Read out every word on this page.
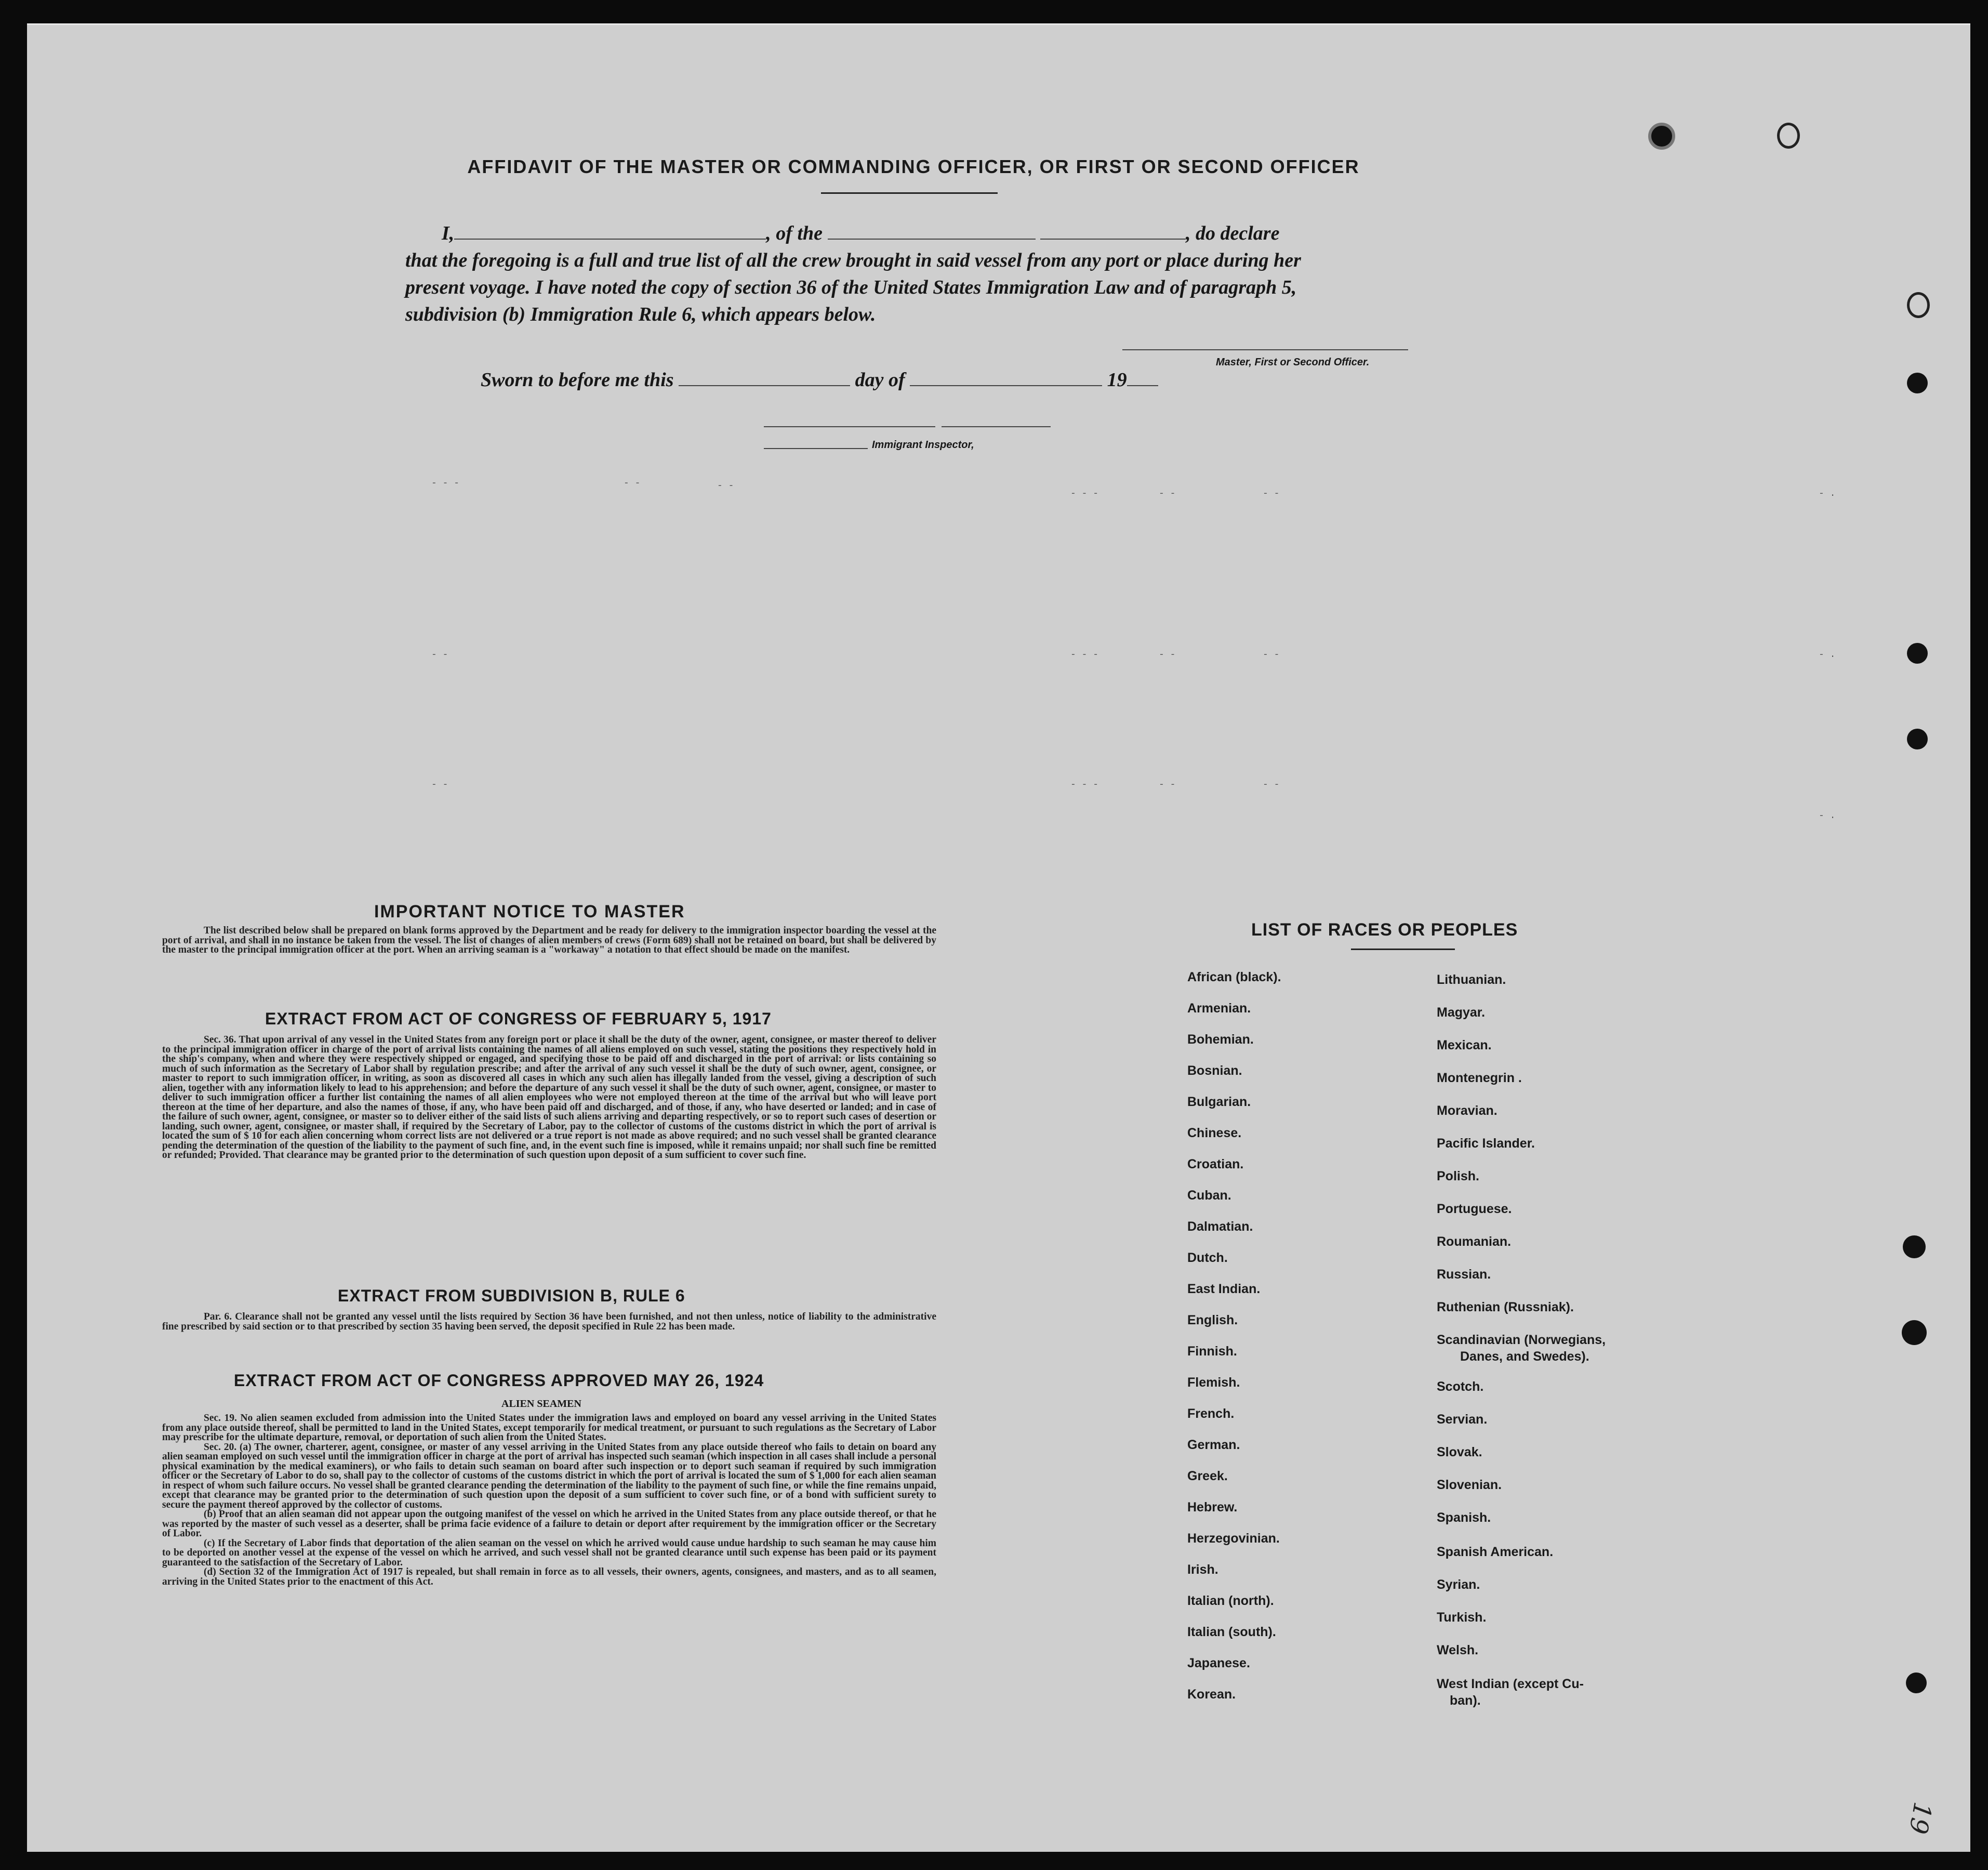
AFFIDAVIT OF THE MASTER OR COMMANDING OFFICER, OR FIRST OR SECOND OFFICER
I,	, of the	, do declare
that the foregoing is a full and true list of all the crew brought in said vessel from any port or place during her
present voyage. I have noted the copy of section 36 of the United States Immigration Law and of paragraph 5,
subdivision (b) Immigration Rule 6, which appears below.
Master, First or Second Officer.
Sworn to before me this	day of	19
Immigrant Inspector,
- - -	- -	- -
- - -	- -	- -
- -	- - -	- -	- -
- -	- - -	- -	- -
- .
- .
- .
IMPORTANT NOTICE TO MASTER
The list described below shall be prepared on blank forms approved by the Department and be ready for delivery to the immigration inspector boarding the vessel at the port of arrival, and shall in no instance be taken from the vessel. The list of changes of alien members of crews (Form 689) shall not be retained on board, but shall be delivered by the master to the principal immigration officer at the port. When an arriving seaman is a "workaway" a notation to that effect should be made on the manifest.
EXTRACT FROM ACT OF CONGRESS OF FEBRUARY 5, 1917
Sec. 36. That upon arrival of any vessel in the United States from any foreign port or place it shall be the duty of the owner, agent, consignee, or master thereof to deliver to the principal immigration officer in charge of the port of arrival lists containing the names of all aliens employed on such vessel, stating the positions they respectively hold in the ship's company, when and where they were respectively shipped or engaged, and specifying those to be paid off and discharged in the port of arrival: or lists containing so much of such information as the Secretary of Labor shall by regulation prescribe; and after the arrival of any such vessel it shall be the duty of such owner, agent, consignee, or master to report to such immigration officer, in writing, as soon as discovered all cases in which any such alien has illegally landed from the vessel, giving a description of such alien, together with any information likely to lead to his apprehension; and before the departure of any such vessel it shall be the duty of such owner, agent, consignee, or master to deliver to such immigration officer a further list containing the names of all alien employees who were not employed thereon at the time of the arrival but who will leave port thereon at the time of her departure, and also the names of those, if any, who have been paid off and discharged, and of those, if any, who have deserted or landed; and in case of the failure of such owner, agent, consignee, or master so to deliver either of the said lists of such aliens arriving and departing respectively, or so to report such cases of desertion or landing, such owner, agent, consignee, or master shall, if required by the Secretary of Labor, pay to the collector of customs of the customs district in which the port of arrival is located the sum of $ 10 for each alien concerning whom correct lists are not delivered or a true report is not made as above required; and no such vessel shall be granted clearance pending the determination of the question of the liability to the payment of such fine, and, in the event such fine is imposed, while it remains unpaid; nor shall such fine be remitted or refunded; Provided. That clearance may be granted prior to the determination of such question upon deposit of a sum sufficient to cover such fine.
EXTRACT FROM SUBDIVISION B, RULE 6
Par. 6. Clearance shall not be granted any vessel until the lists required by Section 36 have been furnished, and not then unless, notice of liability to the administrative fine prescribed by said section or to that prescribed by section 35 having been served, the deposit specified in Rule 22 has been made.
EXTRACT FROM ACT OF CONGRESS APPROVED MAY 26, 1924
ALIEN SEAMEN
Sec. 19. No alien seamen excluded from admission into the United States under the immigration laws and employed on board any vessel arriving in the United States from any place outside thereof, shall be permitted to land in the United States, except temporarily for medical treatment, or pursuant to such regulations as the Secretary of Labor may prescribe for the ultimate departure, removal, or deportation of such alien from the United States.
Sec. 20. (a) The owner, charterer, agent, consignee, or master of any vessel arriving in the United States from any place outside thereof who fails to detain on board any alien seaman employed on such vessel until the immigration officer in charge at the port of arrival has inspected such seaman (which inspection in all cases shall include a personal physical examination by the medical examiners), or who fails to detain such seaman on board after such inspection or to deport such seaman if required by such immigration officer or the Secretary of Labor to do so, shall pay to the collector of customs of the customs district in which the port of arrival is located the sum of $ 1,000 for each alien seaman in respect of whom such failure occurs. No vessel shall be granted clearance pending the determination of the liability to the payment of such fine, or while the fine remains unpaid, except that clearance may be granted prior to the determination of such question upon the deposit of a sum sufficient to cover such fine, or of a bond with sufficient surety to secure the payment thereof approved by the collector of customs.
(b) Proof that an alien seaman did not appear upon the outgoing manifest of the vessel on which he arrived in the United States from any place outside thereof, or that he was reported by the master of such vessel as a deserter, shall be prima facie evidence of a failure to detain or deport after requirement by the immigration officer or the Secretary of Labor.
(c) If the Secretary of Labor finds that deportation of the alien seaman on the vessel on which he arrived would cause undue hardship to such seaman he may cause him to be deported on another vessel at the expense of the vessel on which he arrived, and such vessel shall not be granted clearance until such expense has been paid or its payment guaranteed to the satisfaction of the Secretary of Labor.
(d) Section 32 of the Immigration Act of 1917 is repealed, but shall remain in force as to all vessels, their owners, agents, consignees, and masters, and as to all seamen, arriving in the United States prior to the enactment of this Act.
LIST OF RACES OR PEOPLES
African (black).
Armenian.
Bohemian.
Bosnian.
Bulgarian.
Chinese.
Croatian.
Cuban.
Dalmatian.
Dutch.
East Indian.
English.
Finnish.
Flemish.
French.
German.
Greek.
Hebrew.
Herzegovinian.
Irish.
Italian (north).
Italian (south).
Japanese.
Korean.
Lithuanian.
Magyar.
Mexican.
Montenegrin .
Moravian.
Pacific Islander.
Polish.
Portuguese.
Roumanian.
Russian.
Ruthenian (Russniak).
Scandinavian (Norwegians,
Danes, and Swedes).
Scotch.
Servian.
Slovak.
Slovenian.
Spanish.
Spanish American.
Syrian.
Turkish.
Welsh.
West Indian (except Cu-
ban).
19
